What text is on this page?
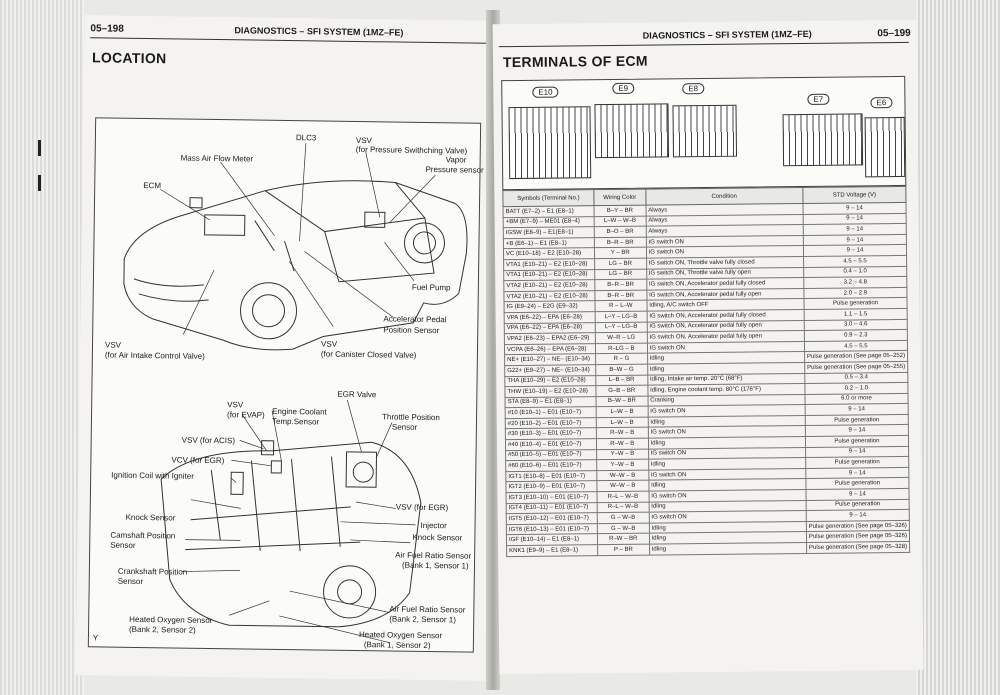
05–198	DIAGNOSTICS – SFI SYSTEM (1MZ–FE)
LOCATION
DLC3	VSV
(for Pressure Swithching Valve)
Vapor
Pressure sensor
Mass Air Flow Meter
ECM
Fuel Pump
Accelerator Pedal
Position Sensor
VSV
(for Canister Closed Valve)
VSV
(for Air Intake Control Valve)
VSV
(for EVAP) Engine Coolant
Temp.Sensor
EGR Valve
Throttle Position
Sensor
VSV (for ACIS)
VCV (for EGR)
Ignition Coil with Igniter
VSV (for EGR)
Knock Sensor
Injector
Camshaft Position
Sensor
Knock Sensor
Air Fuel Ratio Sensor
(Bank 1, Sensor 1)
Crankshaft Position
Sensor
Air Fuel Ratio Sensor
(Bank 2, Sensor 1)
Heated Oxygen Sensor
(Bank 2, Sensor 2)
Heated Oxygen Sensor
(Bank 1, Sensor 2)
Y
DIAGNOSTICS – SFI SYSTEM (1MZ–FE)	05–199
TERMINALS OF ECM
E10	E9	E8
E7	E6
Symbols (Terminal No.)	Wiring Color	Condition	STD Voltage (V)
BATT (E7–2) – E1 (E8–1)	B–Y – BR	Always	9 – 14
+BM (E7–9) – ME01 (E8–4)	L–W – W–B	Always	9 – 14
IGSW (E8–9) – E1(E8–1)	B–O – BR	Always	9 – 14
+B (E6–1) – E1 (E8–1)	B–R – BR	IG switch ON	9 – 14
VC (E10–18) – E2 (E10–28)	Y – BR	IG switch ON	9 – 14
VTA1 (E10–21) – E2 (E10–28)	LG – BR	IG switch ON, Throttle valve fully closed	4.5 – 5.5
VTA1 (E10–21) – E2 (E10–28)	LG – BR	IG switch ON, Throttle valve fully open	0.4 – 1.0
VTA2 (E10–21) – E2 (E10–28)	B–R – BR	IG switch ON, Accelerator pedal fully closed	3.2 – 4.8
VTA2 (E10–21) – E2 (E10–28)	B–R – BR	IG switch ON, Accelerator pedal fully open	2.0 – 2.9
IG (E9–24) – E2G (E9–32)	R – L–W	Idling, A/C switch OFF	Pulse generation
VPA (E6–22) – EPA (E6–28)	L–Y – LG–B	IG switch ON, Accelerator pedal fully closed	1.1 – 1.5
VPA (E6–22) – EPA (E6–28)	L–Y – LG–B	IG switch ON, Accelerator pedal fully open	3.0 – 4.6
VPA2 (E6–23) – EPA2 (E6–29)	W–R – LG	IG switch ON, Accelerator pedal fully open	0.9 – 2.3
VCPA (E6–26) – EPA (E6–28)	R–LG – B	IG switch ON	4.5 – 5.5
NE+ (E10–27) – NE– (E10–34)	R – G	Idling	Pulse generation (See page 05–252)
G22+ (E9–27) – NE– (E10–34)	B–W – G	Idling	Pulse generation (See page 05–255)
THA (E10–29) – E2 (E10–28)	L–B – BR	Idling, Intake air temp. 20°C (68°F)	0.5 – 3.4
THW (E10–19) – E2 (E10–28)	G–B – BR	Idling, Engine coolant temp. 80°C (176°F)	0.2 – 1.0
STA (E8–9) – E1 (E8–1)	B–W – BR	Cranking	6.0 or more
#10 (E10–1) – E01 (E10–7)	L–W – B	IG switch ON	9 – 14
#20 (E10–2) – E01 (E10–7)	L–W – B	Idling	Pulse generation
#30 (E10–3) – E01 (E10–7)	R–W – B	IG switch ON	9 – 14
#40 (E10–4) – E01 (E10–7)	R–W – B	Idling	Pulse generation
#50 (E10–5) – E01 (E10–7)	Y–W – B	IG switch ON	9 – 14
#60 (E10–6) – E01 (E10–7)	Y–W – B	Idling	Pulse generation
IGT1 (E10–8) – E01 (E10–7)	W–W – B	IG switch ON	9 – 14
IGT2 (E10–9) – E01 (E10–7)	W–W – B	Idling	Pulse generation
IGT3 (E10–10) – E01 (E10–7)	R–L – W–B	IG switch ON	9 – 14
IGT4 (E10–11) – E01 (E10–7)	R–L – W–B	Idling	Pulse generation
IGT5 (E10–12) – E01 (E10–7)	G – W–B	IG switch ON	9 – 14
IGT6 (E10–13) – E01 (E10–7)	G – W–B	Idling	Pulse generation (See page 05–326)
IGF (E10–14) – E1 (E8–1)	R–W – BR	Idling	Pulse generation (See page 05–326)
KNK1 (E9–9) – E1 (E8–1)	P – BR	Idling	Pulse generation (See page 05–328)
